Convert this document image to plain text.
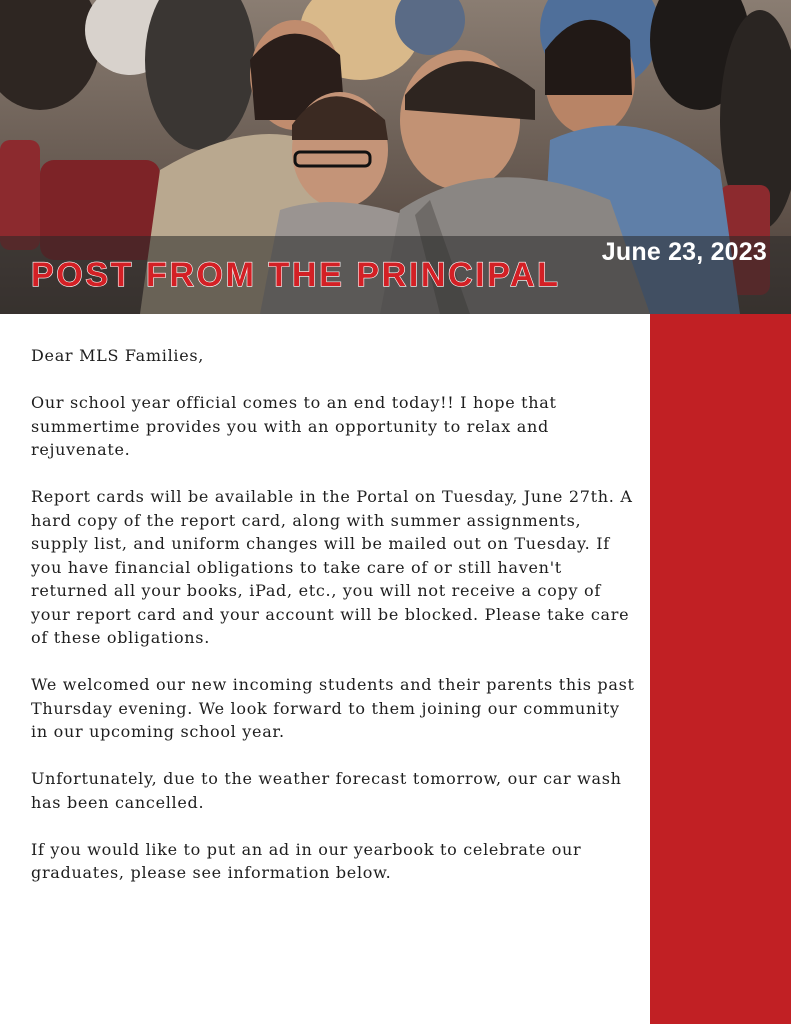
June 23, 2023
POST FROM THE PRINCIPAL

Dear MLS Families,

Our school year official comes to an end today!! I hope that summertime provides you with an opportunity to relax and rejuvenate.

Report cards will be available in the Portal on Tuesday, June 27th. A hard copy of the report card, along with summer assignments, supply list, and uniform changes will be mailed out on Tuesday. If you have financial obligations to take care of or still haven't returned all your books, iPad, etc., you will not receive a copy of your report card and your account will be blocked. Please take care of these obligations.

We welcomed our new incoming students and their parents this past Thursday evening. We look forward to them joining our community in our upcoming school year.

Unfortunately, due to the weather forecast tomorrow, our car wash has been cancelled.

If you would like to put an ad in our yearbook to celebrate our graduates, please see information below.
